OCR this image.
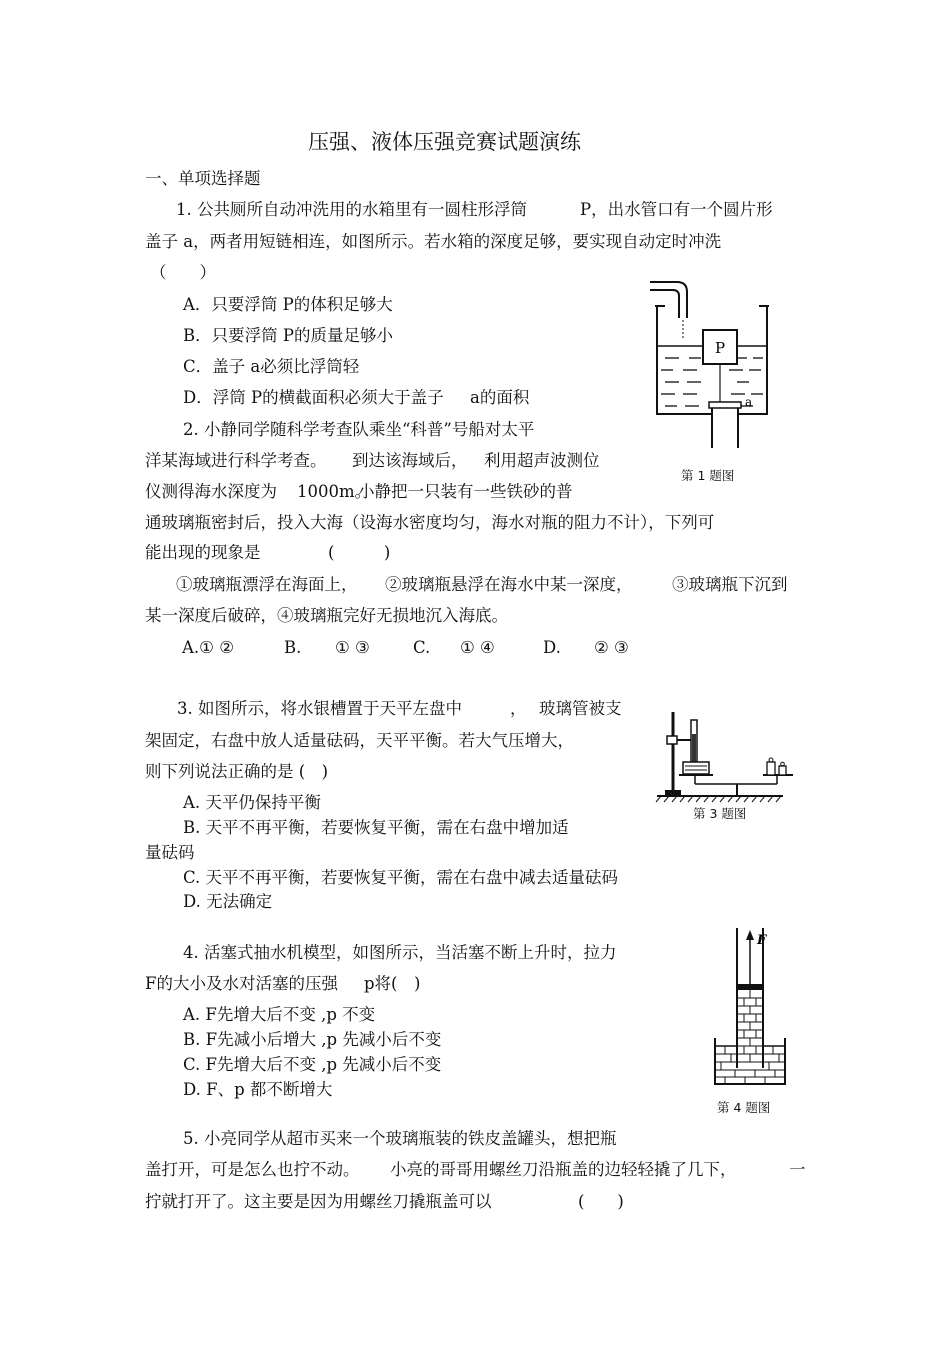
压强、液体压强竞赛试题演练
一、单项选择题
1. 公共厕所自动冲洗用的水箱里有一圆柱形浮筒	P，出水管口有一个圆片形
盖子 a，两者用短链相连，如图所示。若水箱的深度足够，要实现自动定时冲洗
（　　）
A．只要浮筒 P的体积足够大
B．只要浮筒 P的质量足够小
C．盖子 a必须比浮筒轻
D．浮筒 P的横截面积必须大于盖子 a的面积
P
a
2. 小静同学随科学考查队乘坐“科普”号船对太平
洋某海域进行科学考查。 到达该海域后， 利用超声波测位
第 1 题图
仪测得海水深度为 1000m。
小静把一只装有一些铁砂的普
通玻璃瓶密封后，投入大海（设海水密度均匀，海水对瓶的阻力不计），下列可
能出现的现象是	(　　　)
①玻璃瓶漂浮在海面上， ②玻璃瓶悬浮在海水中某一深度， ③玻璃瓶下沉到
某一深度后破碎，④玻璃瓶完好无损地沉入海底。
A.① ②	B. ① ③	C. ① ④	D. ② ③
3. 如图所示，将水银槽置于天平左盘中	， 玻璃管被支
架固定，右盘中放人适量砝码，天平平衡。若大气压增大，
则下列说法正确的是 (　)
A. 天平仍保持平衡
第 3 题图
B. 天平不再平衡，若要恢复平衡，需在右盘中增加适
量砝码
C. 天平不再平衡，若要恢复平衡，需在右盘中减去适量砝码
D. 无法确定
4. 活塞式抽水机模型，如图所示，当活塞不断上升时，拉力
F的大小及水对活塞的压强 p将(　)
A. F先增大后不变 ,p 不变
B. F先减小后增大 ,p 先减小后不变
C. F先增大后不变 ,p 先减小后不变
D. F、p 都不断增大
F
第 4 题图
5. 小亮同学从超市买来一个玻璃瓶装的铁皮盖罐头，想把瓶
盖打开，可是怎么也拧不动。 小亮的哥哥用螺丝刀沿瓶盖的边轻轻撬了几下，	一
拧就打开了。这主要是因为用螺丝刀撬瓶盖可以	(　　)
